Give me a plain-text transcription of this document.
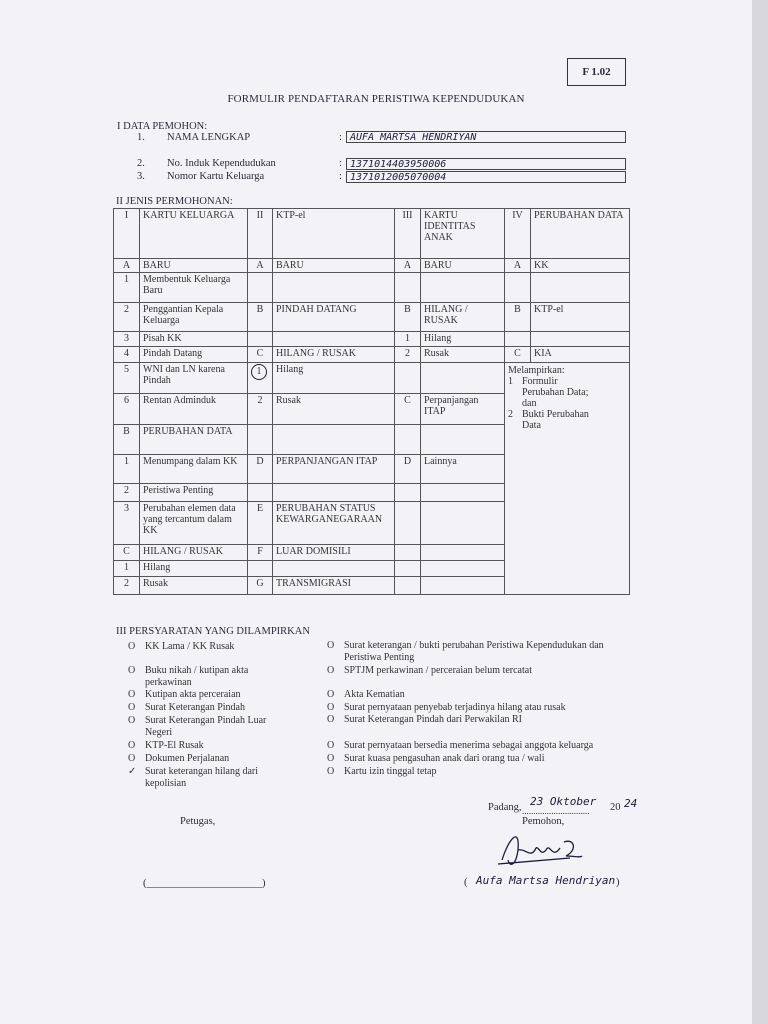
F 1.02
FORMULIR PENDAFTARAN PERISTIWA KEPENDUDUKAN
I DATA PEMOHON:
1. NAMA LENGKAP	: AUFA MARTSA HENDRIYAN
2. No. Induk Kependudukan	: 1371014403950006
3. Nomor Kartu Keluarga	: 1371012005070004
II JENIS PERMOHONAN:
I	KARTU KELUARGA	II	KTP-el	III	KARTU IDENTITAS ANAK	IV	PERUBAHAN DATA
A	BARU	A	BARU	A	BARU	A	KK
1	Membentuk Keluarga Baru						
2	Penggantian Kepala Keluarga	B	PINDAH DATANG	B	HILANG / RUSAK	B	KTP-el
3	Pisah KK			1	Hilang		
4	Pindah Datang	C	HILANG / RUSAK	2	Rusak	C	KIA
5	WNI dan LN karena Pindah	1	Hilang			Melampirkan:
1 Formulir Perubahan Data; dan
2 Bukti Perubahan Data	

6	Rentan Adminduk	2	Rusak	C	Perpanjangan ITAP		
B	PERUBAHAN DATA						
1	Menumpang dalam KK	D	PERPANJANGAN ITAP	D	Lainnya		
2	Peristiwa Penting						
3	Perubahan elemen data yang tercantum dalam KK	E	PERUBAHAN STATUS KEWARGANEGARAAN				
C	HILANG / RUSAK	F	LUAR DOMISILI				
1	Hilang						
2	Rusak	G	TRANSMIGRASI				
III PERSYARATAN YANG DILAMPIRKAN
O KK Lama / KK Rusak
O Buku nikah / kutipan akta perkawinan
O Kutipan akta perceraian
O Surat Keterangan Pindah
O Surat Keterangan Pindah Luar Negeri
O KTP-El Rusak
O Dokumen Perjalanan
✓ Surat keterangan hilang dari kepolisian
O Surat keterangan / bukti perubahan Peristiwa Kependudukan dan Peristiwa Penting
O SPTJM perkawinan / perceraian belum tercatat
O Akta Kematian
O Surat pernyataan penyebab terjadinya hilang atau rusak
O Surat Keterangan Pindah dari Perwakilan RI
O Surat pernyataan bersedia menerima sebagai anggota keluarga
O Surat kuasa pengasuhan anak dari orang tua / wali
O Kartu izin tinggal tetap
Padang, ..............................
23 Oktober 20 24
Pemohon,
Petugas,
(______________________)	( Aufa Martsa Hendriyan )
